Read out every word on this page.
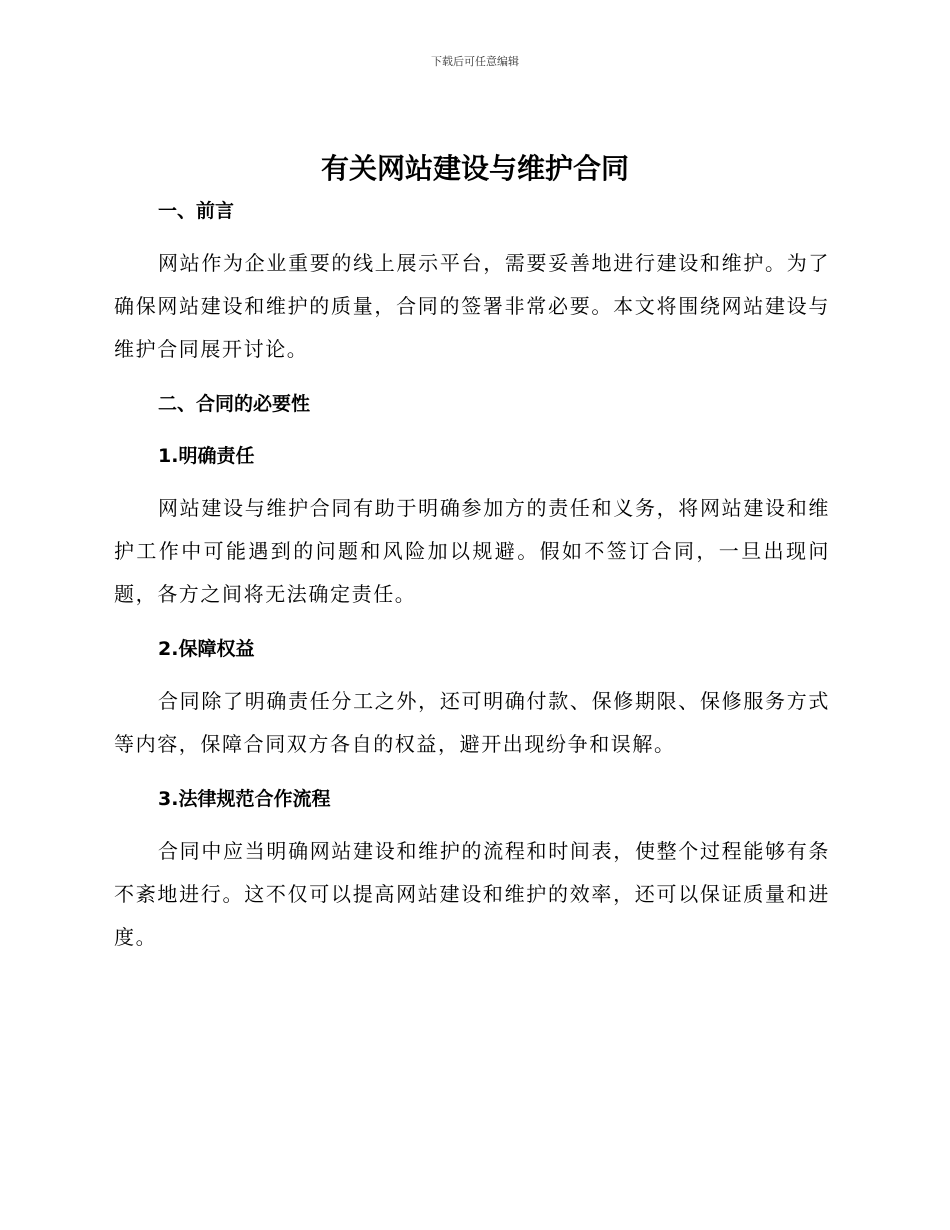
下载后可任意编辑
有关网站建设与维护合同
一、前言

网站作为企业重要的线上展示平台，需要妥善地进行建设和维护。为了确保网站建设和维护的质量，合同的签署非常必要。本文将围绕网站建设与维护合同展开讨论。

二、合同的必要性
1.明确责任

网站建设与维护合同有助于明确参加方的责任和义务，将网站建设和维护工作中可能遇到的问题和风险加以规避。假如不签订合同，一旦出现问题，各方之间将无法确定责任。

2.保障权益

合同除了明确责任分工之外，还可明确付款、保修期限、保修服务方式等内容，保障合同双方各自的权益，避开出现纷争和误解。

3.法律规范合作流程

合同中应当明确网站建设和维护的流程和时间表，使整个过程能够有条不紊地进行。这不仅可以提高网站建设和维护的效率，还可以保证质量和进度。
